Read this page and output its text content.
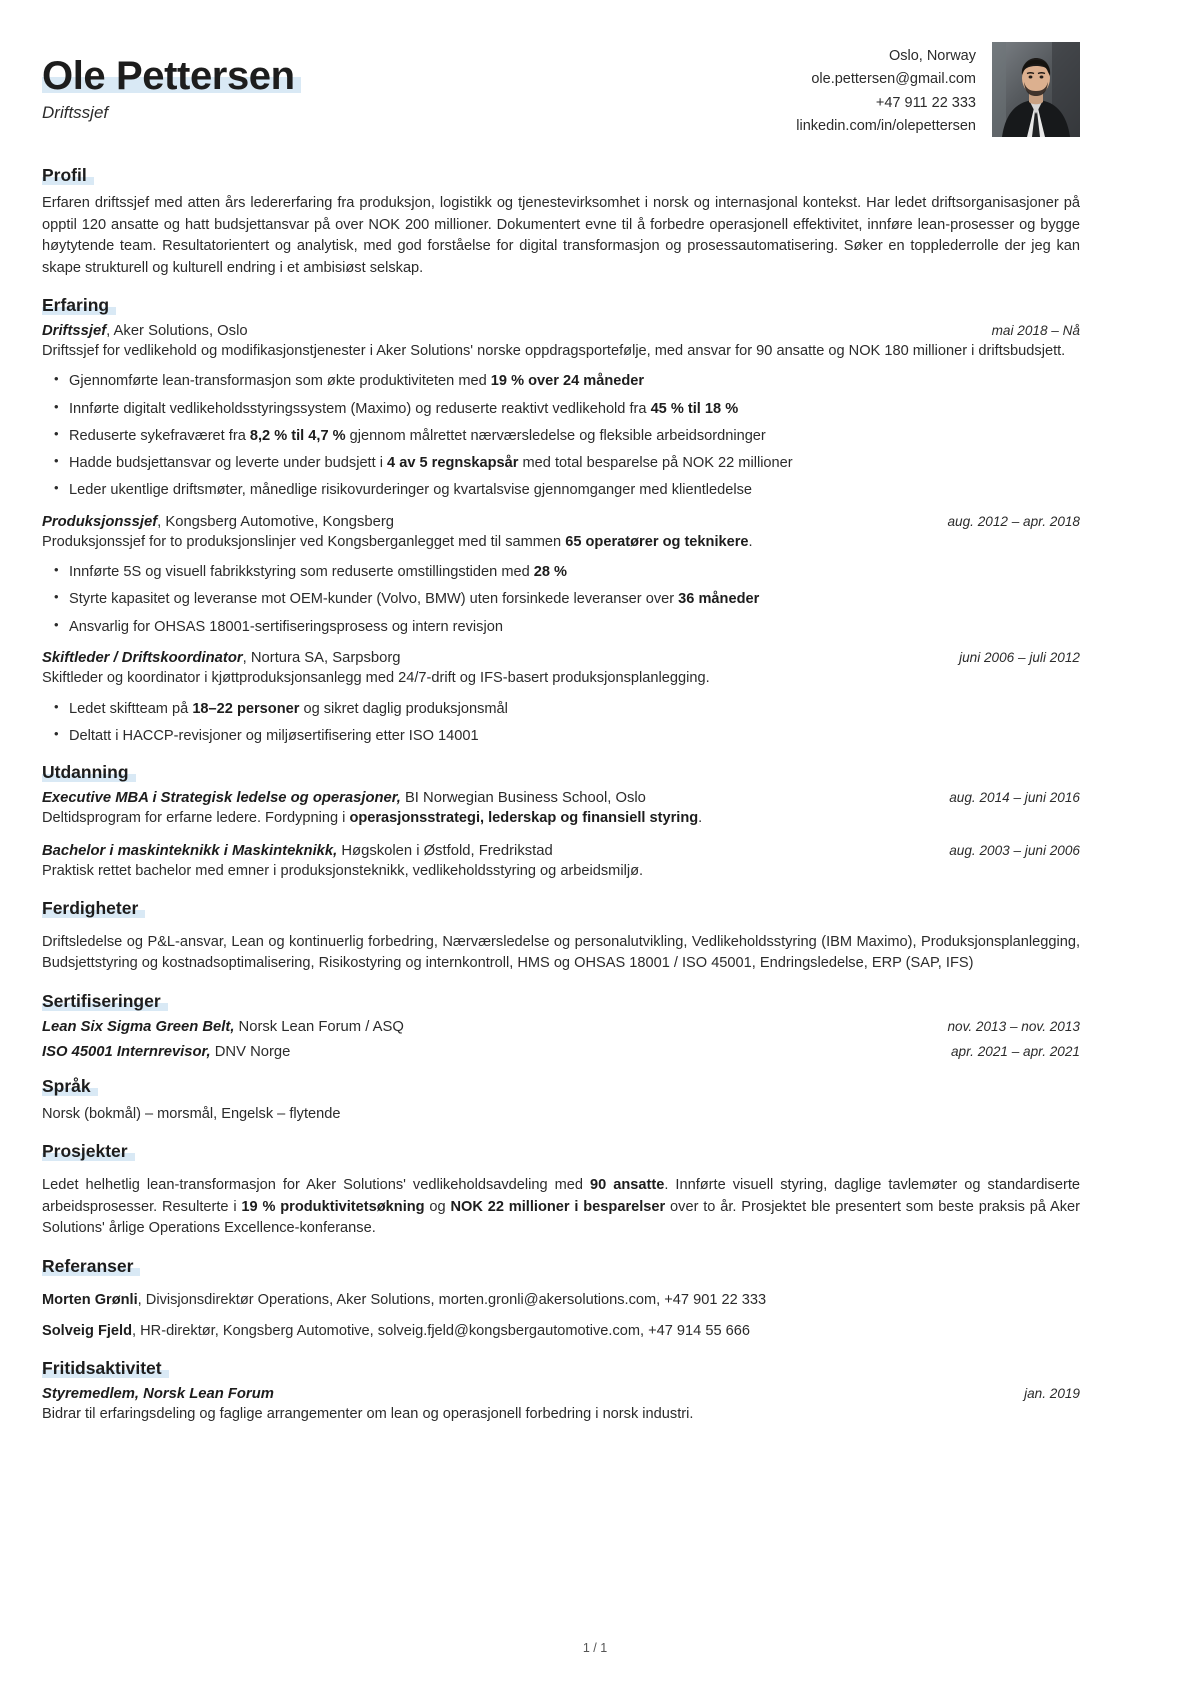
Ole Pettersen
Driftssjef
Oslo, Norway
ole.pettersen@gmail.com
+47 911 22 333
linkedin.com/in/olepettersen
Profil

Erfaren driftssjef med atten års ledererfaring fra produksjon, logistikk og tjenestevirksomhet i norsk og internasjonal kontekst. Har ledet driftsorganisasjoner på opptil 120 ansatte og hatt budsjettansvar på over NOK 200 millioner. Dokumentert evne til å forbedre operasjonell effektivitet, innføre lean-prosesser og bygge høytytende team. Resultatorientert og analytisk, med god forståelse for digital transformasjon og prosessautomatisering. Søker en topplederrolle der jeg kan skape strukturell og kulturell endring i et ambisiøst selskap.

Erfaring
Driftssjef, Aker Solutions, Oslo	mai 2018 – Nå
Driftssjef for vedlikehold og modifikasjonstjenester i Aker Solutions' norske oppdragsportefølje, med ansvar for 90 ansatte og NOK 180 millioner i driftsbudsjett.
• Gjennomførte lean-transformasjon som økte produktiviteten med 19 % over 24 måneder
• Innførte digitalt vedlikeholdsstyringssystem (Maximo) og reduserte reaktivt vedlikehold fra 45 % til 18 %
• Reduserte sykefraværet fra 8,2 % til 4,7 % gjennom målrettet nærværsledelse og fleksible arbeidsordninger
• Hadde budsjettansvar og leverte under budsjett i 4 av 5 regnskapsår med total besparelse på NOK 22 millioner
• Leder ukentlige driftsmøter, månedlige risikovurderinger og kvartalsvise gjennomganger med klientledelse
Produksjonssjef, Kongsberg Automotive, Kongsberg	aug. 2012 – apr. 2018
Produksjonssjef for to produksjonslinjer ved Kongsberganlegget med til sammen 65 operatører og teknikere.
• Innførte 5S og visuell fabrikkstyring som reduserte omstillingstiden med 28 %
• Styrte kapasitet og leveranse mot OEM-kunder (Volvo, BMW) uten forsinkede leveranser over 36 måneder
• Ansvarlig for OHSAS 18001-sertifiseringsprosess og intern revisjon
Skiftleder / Driftskoordinator, Nortura SA, Sarpsborg	juni 2006 – juli 2012
Skiftleder og koordinator i kjøttproduksjonsanlegg med 24/7-drift og IFS-basert produksjonsplanlegging.
• Ledet skiftteam på 18–22 personer og sikret daglig produksjonsmål
• Deltatt i HACCP-revisjoner og miljøsertifisering etter ISO 14001
Utdanning
Executive MBA i Strategisk ledelse og operasjoner, BI Norwegian Business School, Oslo	aug. 2014 – juni 2016
Deltidsprogram for erfarne ledere. Fordypning i operasjonsstrategi, lederskap og finansiell styring.
Bachelor i maskinteknikk i Maskinteknikk, Høgskolen i Østfold, Fredrikstad	aug. 2003 – juni 2006
Praktisk rettet bachelor med emner i produksjonsteknikk, vedlikeholdsstyring og arbeidsmiljø.
Ferdigheter

Driftsledelse og P&L-ansvar, Lean og kontinuerlig forbedring, Nærværsledelse og personalutvikling, Vedlikeholdsstyring (IBM Maximo), Produksjonsplanlegging, Budsjettstyring og kostnadsoptimalisering, Risikostyring og internkontroll, HMS og OHSAS 18001 / ISO 45001, Endringsledelse, ERP (SAP, IFS)

Sertifiseringer
Lean Six Sigma Green Belt, Norsk Lean Forum / ASQ	nov. 2013 – nov. 2013
ISO 45001 Internrevisor, DNV Norge	apr. 2021 – apr. 2021
Språk
Norsk (bokmål) – morsmål, Engelsk – flytende
Prosjekter

Ledet helhetlig lean-transformasjon for Aker Solutions' vedlikeholdsavdeling med 90 ansatte. Innførte visuell styring, daglige tavlemøter og standardiserte arbeidsprosesser. Resulterte i 19 % produktivitetsøkning og NOK 22 millioner i besparelser over to år. Prosjektet ble presentert som beste praksis på Aker Solutions' årlige Operations Excellence-konferanse.

Referanser
Morten Grønli, Divisjonsdirektør Operations, Aker Solutions, morten.gronli@akersolutions.com, +47 901 22 333
Solveig Fjeld, HR-direktør, Kongsberg Automotive, solveig.fjeld@kongsbergautomotive.com, +47 914 55 666
Fritidsaktivitet
Styremedlem, Norsk Lean Forum	jan. 2019
Bidrar til erfaringsdeling og faglige arrangementer om lean og operasjonell forbedring i norsk industri.
1 / 1
